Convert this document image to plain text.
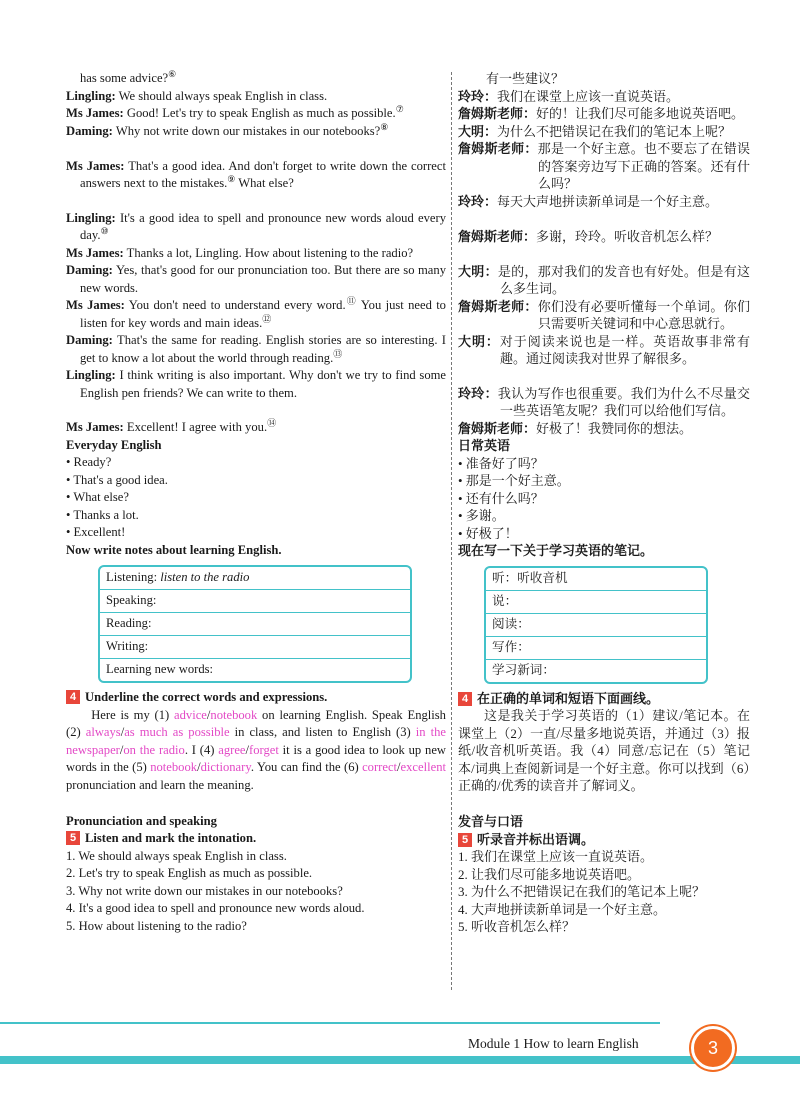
has some advice?⑥

Lingling: We should always speak English in class.

Ms James: Good! Let's try to speak English as much as possible.⑦

Daming: Why not write down our mistakes in our notebooks?⑧

Ms James: That's a good idea. And don't forget to write down the correct answers next to the mistakes.⑨ What else?

Lingling: It's a good idea to spell and pronounce new words aloud every day.⑩

Ms James: Thanks a lot, Lingling. How about listening to the radio?

Daming: Yes, that's good for our pronunciation too. But there are so many new words.

Ms James: You don't need to understand every word.⑪ You just need to listen for key words and main ideas.⑫

Daming: That's the same for reading. English stories are so interesting. I get to know a lot about the world through reading.⑬

Lingling: I think writing is also important. Why don't we try to find some English pen friends? We can write to them.

Ms James: Excellent! I agree with you.⑭

Everyday English

• Ready?

• That's a good idea.

• What else?

• Thanks a lot.

• Excellent!

Now write notes about learning English.

Listening: listen to the radio
Speaking:
Reading:
Writing:
Learning new words:

4 Underline the correct words and expressions.

Here is my (1) advice/notebook on learning English. Speak English (2) always/as much as possible in class, and listen to English (3) in the newspaper/on the radio. I (4) agree/forget it is a good idea to look up new words in the (5) notebook/dictionary. You can find the (6) correct/excellent pronunciation and learn the meaning.

Pronunciation and speaking

5 Listen and mark the intonation.

1. We should always speak English in class.
2. Let's try to speak English as much as possible.
3. Why not write down our mistakes in our notebooks?
4. It's a good idea to spell and pronounce new words aloud.
5. How about listening to the radio?

有一些建议？

玲玲：我们在课堂上应该一直说英语。

詹姆斯老师：好的！让我们尽可能多地说英语吧。

大明：为什么不把错误记在我们的笔记本上呢？

詹姆斯老师：那是一个好主意。也不要忘了在错误的答案旁边写下正确的答案。还有什么吗？

玲玲：每天大声地拼读新单词是一个好主意。

詹姆斯老师：多谢，玲玲。听收音机怎么样？

大明：是的，那对我们的发音也有好处。但是有这么多生词。

詹姆斯老师：你们没有必要听懂每一个单词。你们只需要听关键词和中心意思就行。

大明：对于阅读来说也是一样。英语故事非常有趣。通过阅读我对世界了解很多。

玲玲：我认为写作也很重要。我们为什么不尽量交一些英语笔友呢？我们可以给他们写信。

詹姆斯老师：好极了！我赞同你的想法。

日常英语

• 准备好了吗？

• 那是一个好主意。

• 还有什么吗？

• 多谢。

• 好极了！

现在写一下关于学习英语的笔记。

听：听收音机
说：
阅读：
写作：
学习新词：

4 在正确的单词和短语下面画线。

这是我关于学习英语的（1）建议/笔记本。在课堂上（2）一直/尽量多地说英语，并通过（3）报纸/收音机听英语。我（4）同意/忘记在（5）笔记本/词典上查阅新词是一个好主意。你可以找到（6）正确的/优秀的读音并了解词义。

发音与口语

5 听录音并标出语调。

1. 我们在课堂上应该一直说英语。
2. 让我们尽可能多地说英语吧。
3. 为什么不把错误记在我们的笔记本上呢？
4. 大声地拼读新单词是一个好主意。
5. 听收音机怎么样？
Module 1 How to learn English	3
